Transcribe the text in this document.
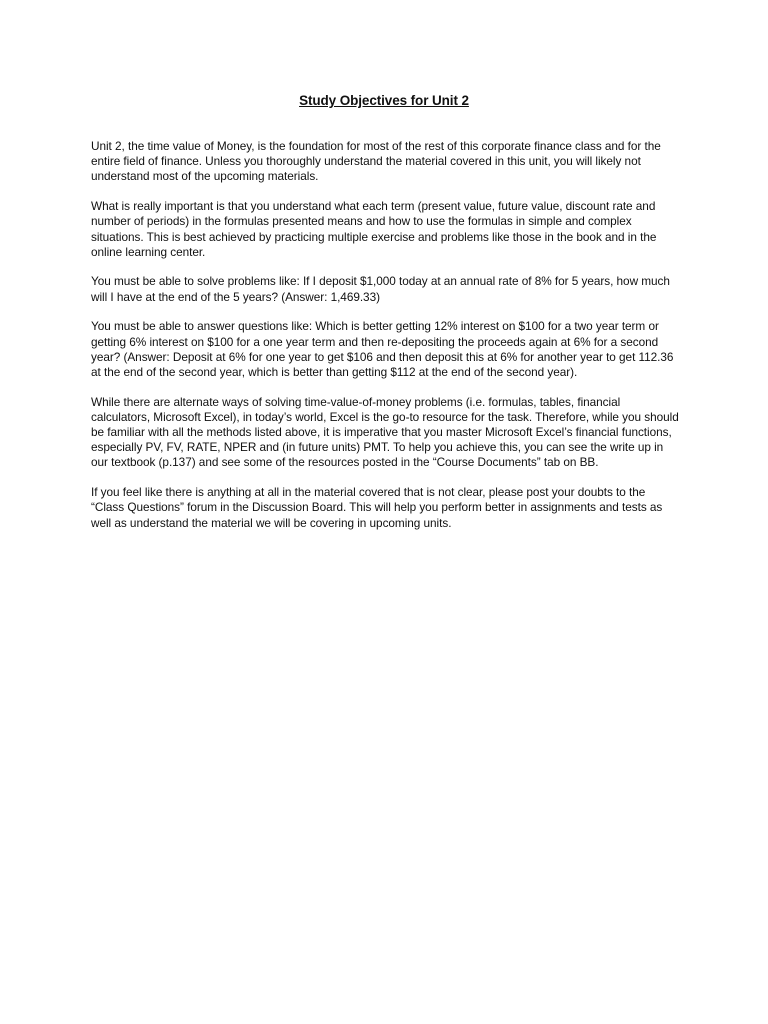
Study Objectives for Unit 2

Unit 2, the time value of Money, is the foundation for most of the rest of this corporate finance class and for the entire field of finance. Unless you thoroughly understand the material covered in this unit, you will likely not understand most of the upcoming materials.

What is really important is that you understand what each term (present value, future value, discount rate and number of periods) in the formulas presented means and how to use the formulas in simple and complex situations. This is best achieved by practicing multiple exercise and problems like those in the book and in the online learning center.

You must be able to solve problems like: If I deposit $1,000 today at an annual rate of 8% for 5 years, how much will I have at the end of the 5 years? (Answer: 1,469.33)

You must be able to answer questions like: Which is better getting 12% interest on $100 for a two year term or getting 6% interest on $100 for a one year term and then re-depositing the proceeds again at 6% for a second year? (Answer: Deposit at 6% for one year to get $106 and then deposit this at 6% for another year to get 112.36 at the end of the second year, which is better than getting $112 at the end of the second year).

While there are alternate ways of solving time-value-of-money problems (i.e. formulas, tables, financial calculators, Microsoft Excel), in today’s world, Excel is the go-to resource for the task. Therefore, while you should be familiar with all the methods listed above, it is imperative that you master Microsoft Excel’s financial functions, especially PV, FV, RATE, NPER and (in future units) PMT. To help you achieve this, you can see the write up in our textbook (p.137) and see some of the resources posted in the “Course Documents” tab on BB.

If you feel like there is anything at all in the material covered that is not clear, please post your doubts to the “Class Questions” forum in the Discussion Board. This will help you perform better in assignments and tests as well as understand the material we will be covering in upcoming units.
